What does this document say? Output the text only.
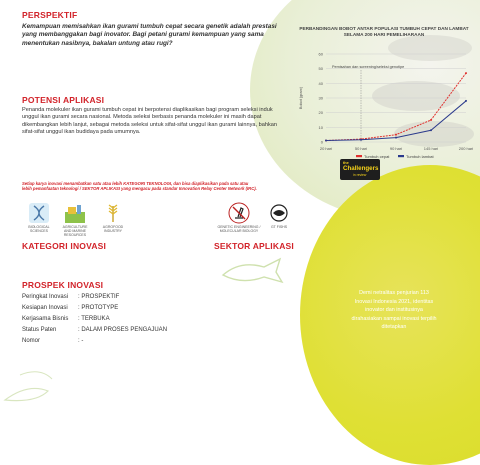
PERSPEKTIF
Kemampuan memisahkan ikan gurami tumbuh cepat secara genetik adalah prestasi yang membanggakan bagi inovator. Bagi petani gurami kemampuan yang sama menentukan nasibnya, bakalan untung atau rugi?
POTENSI APLIKASI
Penanda molekuler ikan gurami tumbuh cepat ini berpotensi diaplikasikan bagi program seleksi induk unggul ikan gurami secara nasional. Metoda seleksi berbasis penanda molekuler ini masih dapat dikembangkan lebih lanjut, sebagai metoda seleksi untuk sifat-sifat unggul ikan gurami lainnya, bahkan sifat-sifat unggul ikan budidaya pada umumnya.
Setiap karya inovasi menambatkan satu atau lebih KATEGORI TEKNOLOGI, dan bisa diaplikasikan pada satu atau
lebih pemanfaatan teknologi / SEKTOR APLIKASI yang mengacu pada standar Innovation Relay Center Network (IRC).
BIOLOGICAL SCIENCES
AGRICULTURE AND MARINE RESOURCES
AGROFOOD INDUSTRY
KATEGORI INOVASI
GENETIC ENGINEERING / MOLECULAR BIOLOGY
GT FISHS
SEKTOR APLIKASI
PROSPEK INOVASI
Peringkat Inovasi : PROSPEKTIF
Kesiapan Inovasi : PROTOTYPE
Kerjasama Bisnis : TERBUKA
Status Paten	: DALAM PROSES PENGAJUAN
Nomor	: -
Demi netralitas penjurian 113 Inovasi Indonesia 2021, identitas inovator dan institusinya dirahasiakan sampai inovasi terpilih ditetapkan
PERBANDINGAN BOBOT ANTAR POPULASI TUMBUH CEPAT DAN LAMBAT SELAMA 200 HARI PEMELIHARAAN
0
10
20
30
40
50
60
Bobot (gram)
20 hari	50 hari	90 hari	145 hari	200 hari
Pemisahan dan screening/seleksi genotipe
Tumbuh cepat	Tumbuh lambat
the
Challengers
in review
